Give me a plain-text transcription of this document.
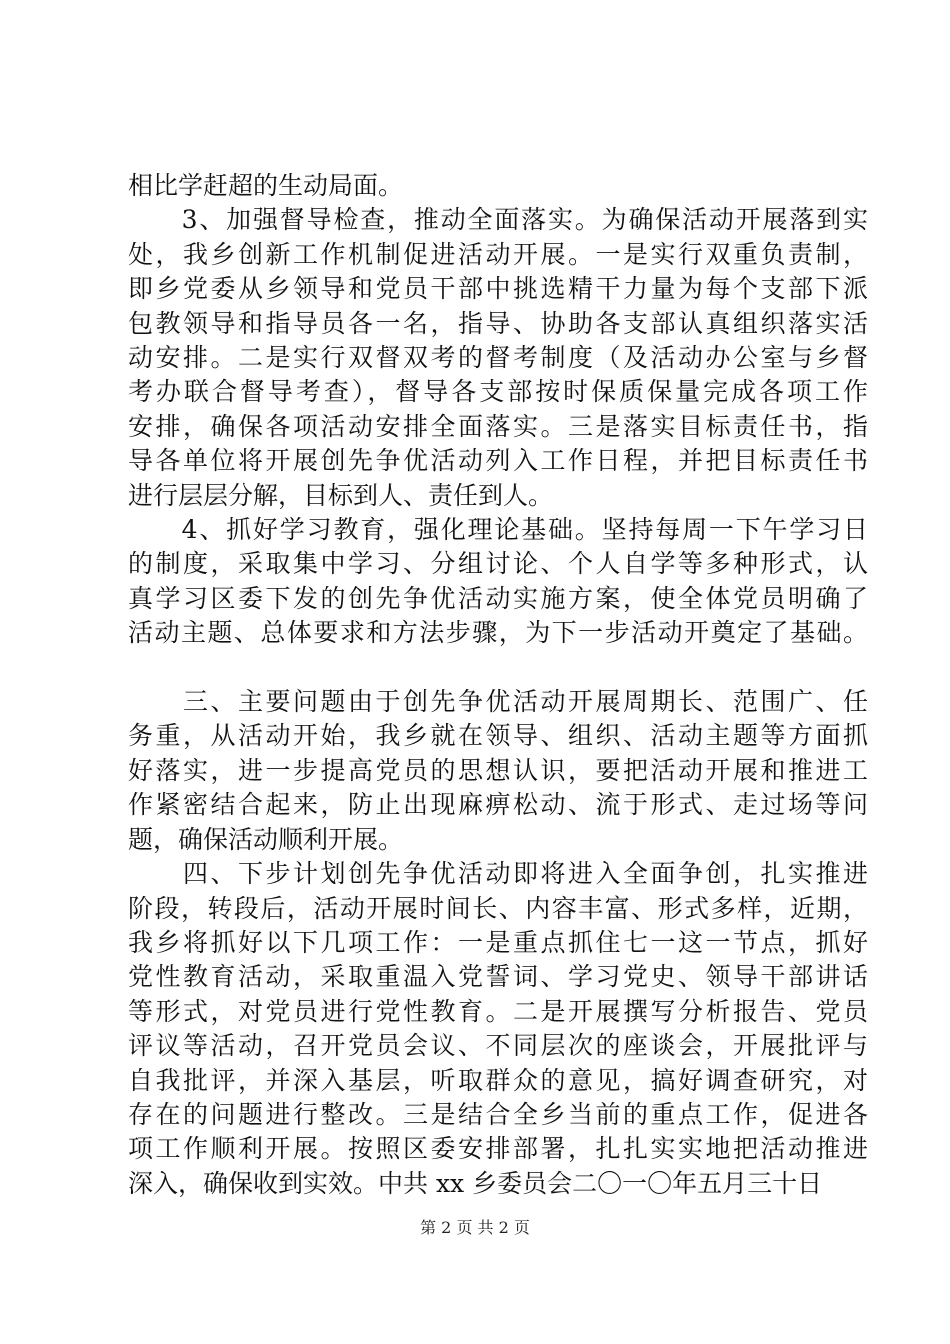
相比学赶超的生动局面。
　　3、加强督导检查，推动全面落实。为确保活动开展落到实
处，我乡创新工作机制促进活动开展。一是实行双重负责制，
即乡党委从乡领导和党员干部中挑选精干力量为每个支部下派
包教领导和指导员各一名，指导、协助各支部认真组织落实活
动安排。二是实行双督双考的督考制度（及活动办公室与乡督
考办联合督导考查），督导各支部按时保质保量完成各项工作
安排，确保各项活动安排全面落实。三是落实目标责任书，指
导各单位将开展创先争优活动列入工作日程，并把目标责任书
进行层层分解，目标到人、责任到人。
　　4、抓好学习教育，强化理论基础。坚持每周一下午学习日
的制度，采取集中学习、分组讨论、个人自学等多种形式，认
真学习区委下发的创先争优活动实施方案，使全体党员明确了
活动主题、总体要求和方法步骤，为下一步活动开奠定了基础。
　　三、主要问题由于创先争优活动开展周期长、范围广、任
务重，从活动开始，我乡就在领导、组织、活动主题等方面抓
好落实，进一步提高党员的思想认识，要把活动开展和推进工
作紧密结合起来，防止出现麻痹松动、流于形式、走过场等问
题，确保活动顺利开展。
　　四、下步计划创先争优活动即将进入全面争创，扎实推进
阶段，转段后，活动开展时间长、内容丰富、形式多样，近期，
我乡将抓好以下几项工作：一是重点抓住七一这一节点，抓好
党性教育活动，采取重温入党誓词、学习党史、领导干部讲话
等形式，对党员进行党性教育。二是开展撰写分析报告、党员
评议等活动，召开党员会议、不同层次的座谈会，开展批评与
自我批评，并深入基层，听取群众的意见，搞好调查研究，对
存在的问题进行整改。三是结合全乡当前的重点工作，促进各
项工作顺利开展。按照区委安排部署，扎扎实实地把活动推进
深入，确保收到实效。中共 xx 乡委员会二〇一〇年五月三十日
第 2 页 共 2 页
